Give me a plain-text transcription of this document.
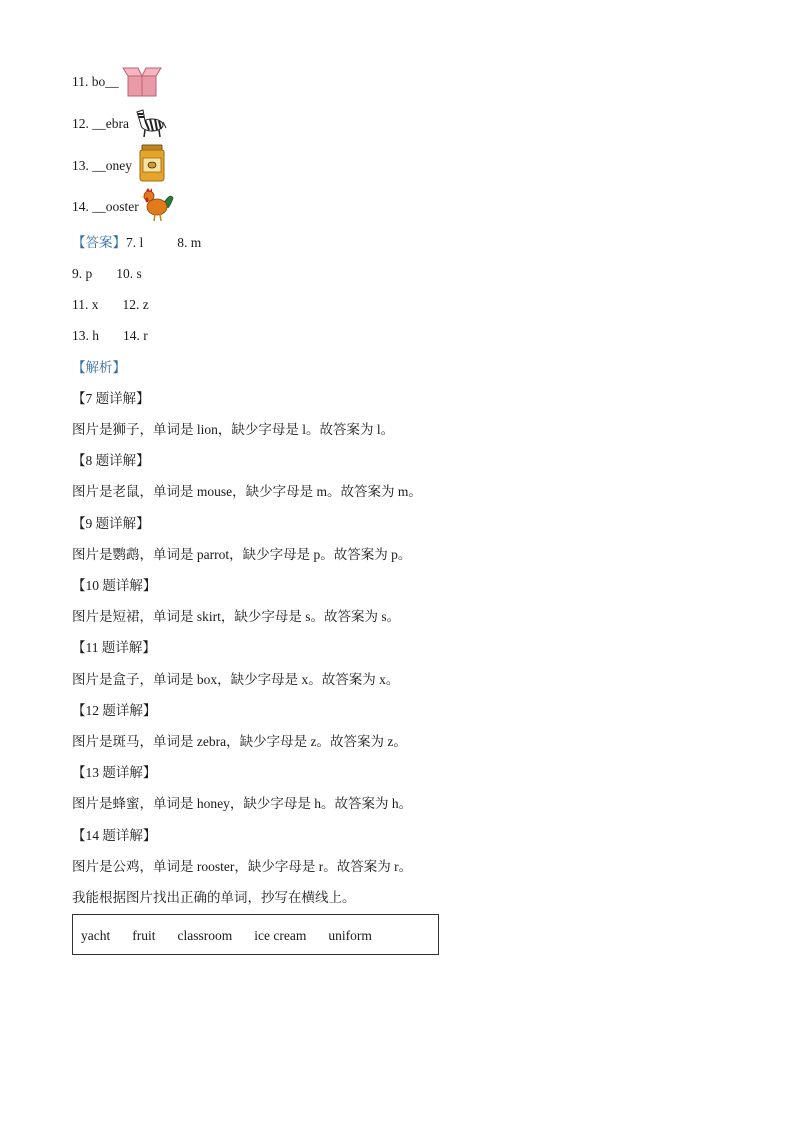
11. bo__
12. __ebra
13. __oney
14. __ooster
【答案】7. l	8. m
9. p 10. s
11. x 12. z
13. h 14. r
【解析】
【7 题详解】
图片是狮子，单词是 lion，缺少字母是 l。故答案为 l。
【8 题详解】
图片是老鼠，单词是 mouse，缺少字母是 m。故答案为 m。
【9 题详解】
图片是鹦鹉，单词是 parrot，缺少字母是 p。故答案为 p。
【10 题详解】
图片是短裙，单词是 skirt，缺少字母是 s。故答案为 s。
【11 题详解】
图片是盒子，单词是 box，缺少字母是 x。故答案为 x。
【12 题详解】
图片是斑马，单词是 zebra，缺少字母是 z。故答案为 z。
【13 题详解】
图片是蜂蜜，单词是 honey，缺少字母是 h。故答案为 h。
【14 题详解】
图片是公鸡，单词是 rooster，缺少字母是 r。故答案为 r。
我能根据图片找出正确的单词，抄写在横线上。
yacht fruit classroom ice cream uniform
